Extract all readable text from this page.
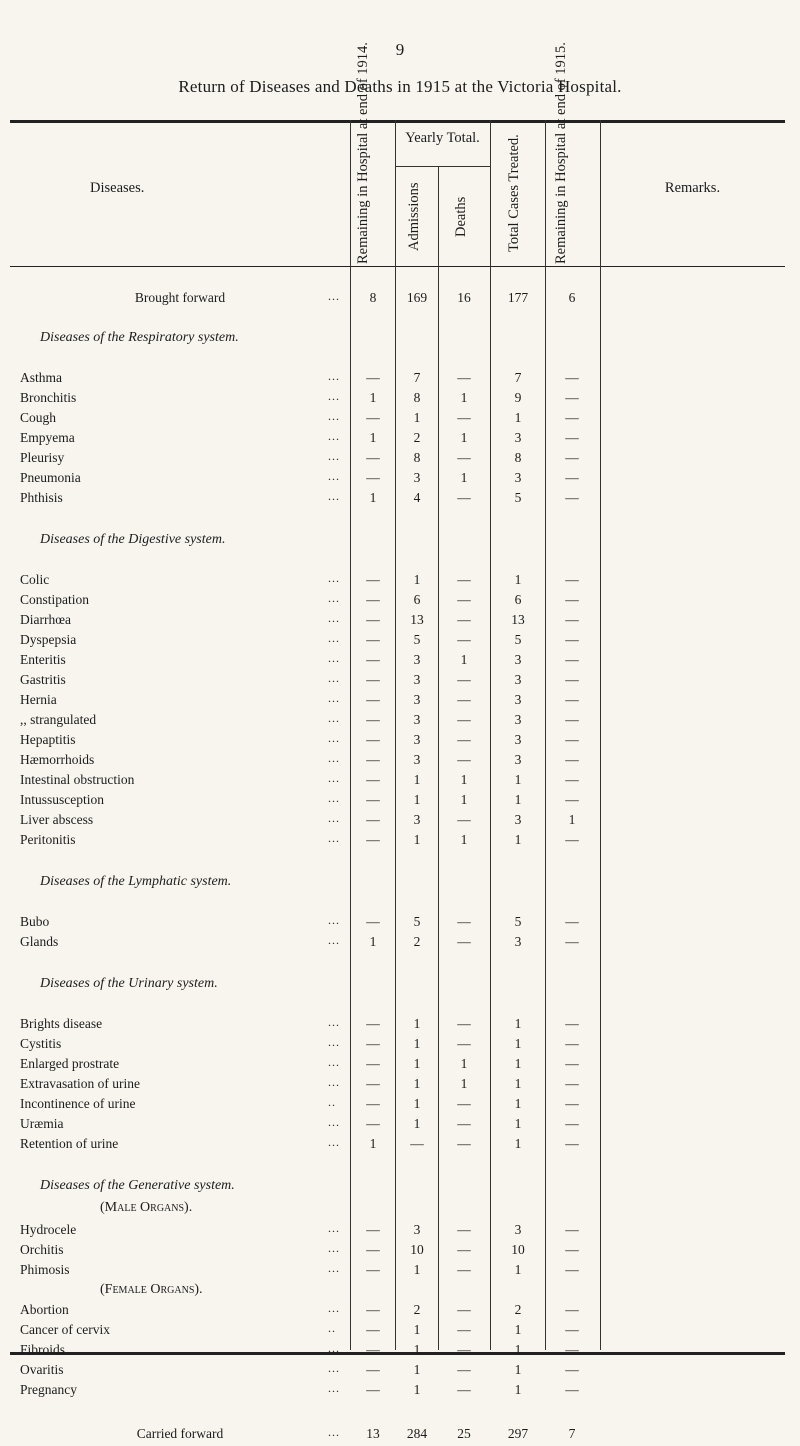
9
Return of Diseases and Deaths in 1915 at the Victoria Hospital.
Diseases.	Remaining in Hospital at end of 1914.	Yearly Total.
Admissions	Deaths	Total Cases Treated.	Remaining in Hospital at end of 1915.	Remarks.
Brought forward	...	8	169	16	177	6
Diseases of the Respiratory system.
Asthma	...	—	7	—	7	—
Bronchitis	...	1	8	1	9	—
Cough	...	—	1	—	1	—
Empyema	...	1	2	1	3	—
Pleurisy	...	—	8	—	8	—
Pneumonia	...	—	3	1	3	—
Phthisis	...	1	4	—	5	—
Diseases of the Digestive system.
Colic	...	—	1	—	1	—
Constipation	...	—	6	—	6	—
Diarrhœa	...	—	13	—	13	—
Dyspepsia	...	—	5	—	5	—
Enteritis	...	—	3	1	3	—
Gastritis	...	—	3	—	3	—
Hernia	...	—	3	—	3	—
,, strangulated	...	—	3	—	3	—
Hepaptitis	...	—	3	—	3	—
Hæmorrhoids	...	—	3	—	3	—
Intestinal obstruction	...	—	1	1	1	—
Intussusception	...	—	1	1	1	—
Liver abscess	...	—	3	—	3	1
Peritonitis	...	—	1	1	1	—
Diseases of the Lymphatic system.
Bubo	...	—	5	—	5	—
Glands	...	1	2	—	3	—
Diseases of the Urinary system.
Brights disease	...	—	1	—	1	—
Cystitis	...	—	1	—	1	—
Enlarged prostrate	...	—	1	1	1	—
Extravasation of urine	...	—	1	1	1	—
Incontinence of urine	..	—	1	—	1	—
Uræmia	...	—	1	—	1	—
Retention of urine	...	1	—	—	1	—
Diseases of the Generative system.
(Male Organs).
Hydrocele	...	—	3	—	3	—
Orchitis	...	—	10	—	10	—
Phimosis	...	—	1	—	1	—
(Female Organs).
Abortion	...	—	2	—	2	—
Cancer of cervix	..	—	1	—	1	—
Fibroids	...	—	1	—	1	—
Ovaritis	...	—	1	—	1	—
Pregnancy	...	—	1	—	1	—
Carried forward	...	13	284	25	297	7
